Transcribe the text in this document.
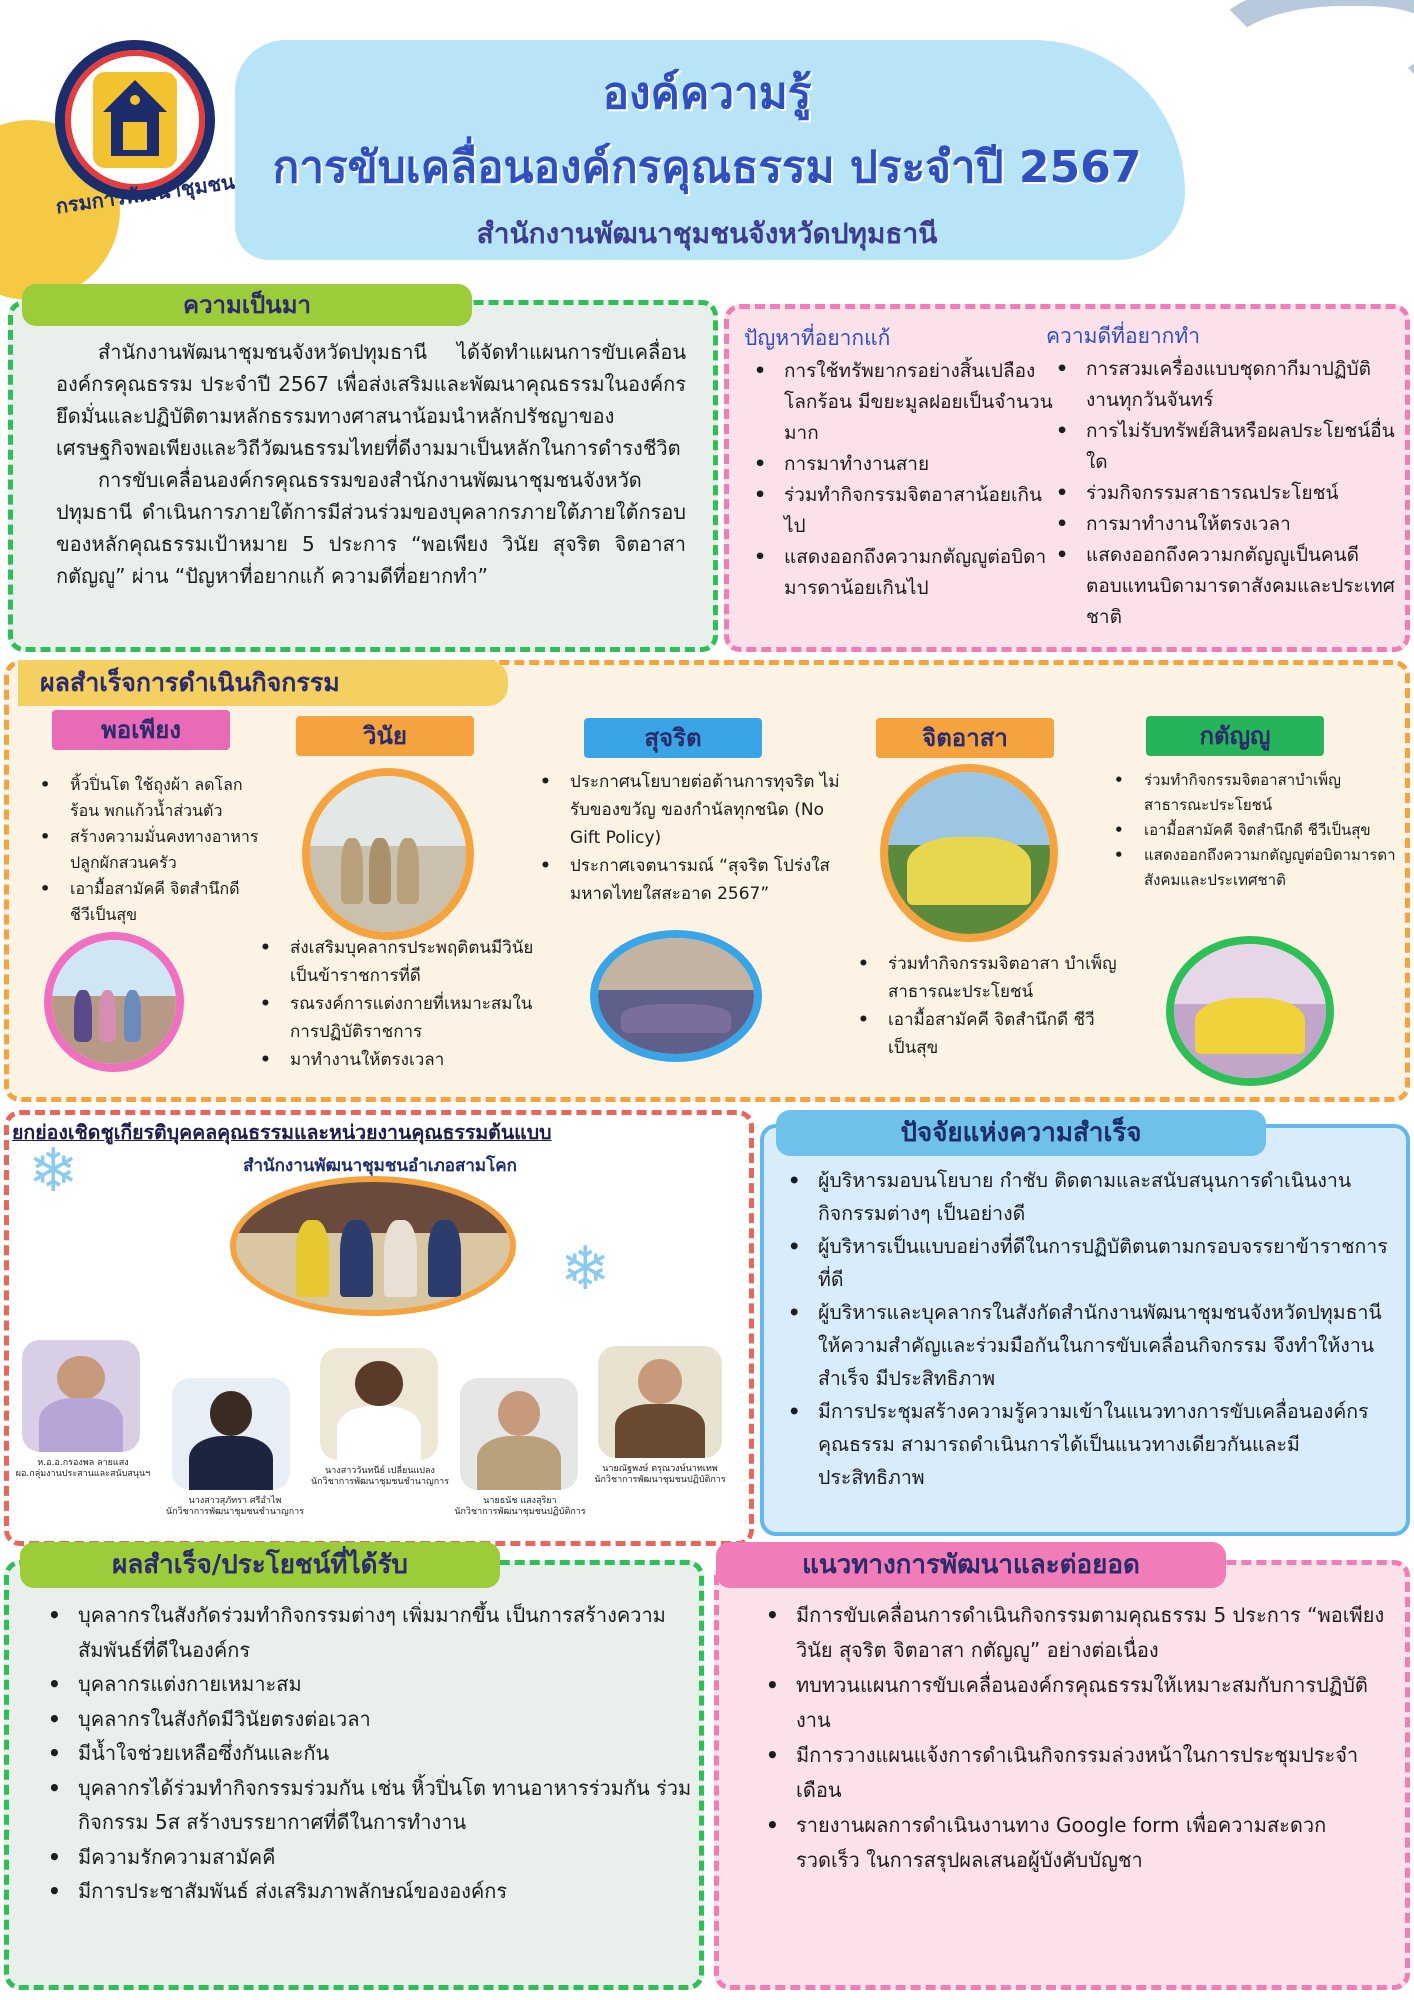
กรมการพัฒนาชุมชน
องค์ความรู้
การขับเคลื่อนองค์กรคุณธรรม ประจำปี 2567
สำนักงานพัฒนาชุมชนจังหวัดปทุมธานี
ความเป็นมา

สำนักงานพัฒนาชุมชนจังหวัดปทุมธานี ได้จัดทำแผนการขับเคลื่อนองค์กรคุณธรรม ประจำปี 2567 เพื่อส่งเสริมและพัฒนาคุณธรรมในองค์กรยึดมั่นและปฏิบัติตามหลักธรรมทางศาสนาน้อมนำหลักปรัชญาของเศรษฐกิจพอเพียงและวิถีวัฒนธรรมไทยที่ดีงามมาเป็นหลักในการดำรงชีวิต

การขับเคลื่อนองค์กรคุณธรรมของสำนักงานพัฒนาชุมชนจังหวัดปทุมธานี ดำเนินการภายใต้การมีส่วนร่วมของบุคลากรภายใต้ภายใต้กรอบของหลักคุณธรรมเป้าหมาย 5 ประการ “พอเพียง วินัย สุจริต จิตอาสา กตัญญู” ผ่าน “ปัญหาที่อยากแก้ ความดีที่อยากทำ”

ปัญหาที่อยากแก้	ความดีที่อยากทำ
• การใช้ทรัพยากรอย่างสิ้นเปลือง โลกร้อน มีขยะมูลฝอยเป็นจำนวนมาก
• การมาทำงานสาย
• ร่วมทำกิจกรรมจิตอาสาน้อยเกินไป
• แสดงออกถึงความกตัญญูต่อบิดามารดาน้อยเกินไป
• การสวมเครื่องแบบชุดกากีมาปฏิบัติงานทุกวันจันทร์
• การไม่รับทรัพย์สินหรือผลประโยชน์อื่นใด
• ร่วมกิจกรรมสาธารณประโยชน์
• การมาทำงานให้ตรงเวลา
• แสดงออกถึงความกตัญญูเป็นคนดีตอบแทนบิดามารดาสังคมและประเทศชาติ
ผลสำเร็จการดำเนินกิจกรรม
พอเพียง
• หิ้วปิ่นโต ใช้ถุงผ้า ลดโลกร้อน พกแก้วน้ำส่วนตัว
• สร้างความมั่นคงทางอาหาร ปลูกผักสวนครัว
• เอามื้อสามัคคี จิตสำนึกดี ชีวีเป็นสุข
วินัย
• ส่งเสริมบุคลากรประพฤติตนมีวินัย เป็นข้าราชการที่ดี
• รณรงค์การแต่งกายที่เหมาะสมในการปฏิบัติราชการ
• มาทำงานให้ตรงเวลา
สุจริต
• ประกาศนโยบายต่อต้านการทุจริต ไม่รับของขวัญ ของกำนัลทุกชนิด (No Gift Policy)
• ประกาศเจตนารมณ์ “สุจริต โปร่งใส มหาดไทยใสสะอาด 2567”
จิตอาสา
• ร่วมทำกิจกรรมจิตอาสา บำเพ็ญสาธารณะประโยชน์
• เอามื้อสามัคคี จิตสำนึกดี ชีวีเป็นสุข
กตัญญู
• ร่วมทำกิจกรรมจิตอาสาบำเพ็ญสาธารณะประโยชน์
• เอามื้อสามัคคี จิตสำนึกดี ชีวีเป็นสุข
• แสดงออกถึงความกตัญญูต่อบิดามารดา สังคมและประเทศชาติ
ยกย่องเชิดชูเกียรติบุคคลคุณธรรมและหน่วยงานคุณธรรมต้นแบบ
สำนักงานพัฒนาชุมชนอำเภอสามโคก
❄
❄
ห.อ.อ.กรองพล ลายแสง
ผอ.กลุ่มงานประสานและสนับสนุนฯ
นางสาวสุภัทรา ศรีอำไพ
นักวิชาการพัฒนาชุมชนชำนาญการ
นางสาววันทนีย์ เปลี่ยนแปลง
นักวิชาการพัฒนาชุมชนชำนาญการ
นายธนัช แสงสุริยา
นักวิชาการพัฒนาชุมชนปฏิบัติการ
นายณัฐพงษ์ ตรุณวงษ์นาทเทพ
นักวิชาการพัฒนาชุมชนปฏิบัติการ
ปัจจัยแห่งความสำเร็จ
• ผู้บริหารมอบนโยบาย กำชับ ติดตามและสนับสนุนการดำเนินงานกิจกรรมต่างๆ เป็นอย่างดี
• ผู้บริหารเป็นแบบอย่างที่ดีในการปฏิบัติตนตามกรอบจรรยาข้าราชการที่ดี
• ผู้บริหารและบุคลากรในสังกัดสำนักงานพัฒนาชุมชนจังหวัดปทุมธานี ให้ความสำคัญและร่วมมือกันในการขับเคลื่อนกิจกรรม จึงทำให้งานสำเร็จ มีประสิทธิภาพ
• มีการประชุมสร้างความรู้ความเข้าในแนวทางการขับเคลื่อนองค์กรคุณธรรม สามารถดำเนินการได้เป็นแนวทางเดียวกันและมีประสิทธิภาพ
ผลสำเร็จ/ประโยชน์ที่ได้รับ
• บุคลากรในสังกัดร่วมทำกิจกรรมต่างๆ เพิ่มมากขึ้น เป็นการสร้างความสัมพันธ์ที่ดีในองค์กร
• บุคลากรแต่งกายเหมาะสม
• บุคลากรในสังกัดมีวินัยตรงต่อเวลา
• มีน้ำใจช่วยเหลือซึ่งกันและกัน
• บุคลากรได้ร่วมทำกิจกรรมร่วมกัน เช่น หิ้วปิ่นโต ทานอาหารร่วมกัน ร่วมกิจกรรม 5ส สร้างบรรยากาศที่ดีในการทำงาน
• มีความรักความสามัคคี
• มีการประชาสัมพันธ์ ส่งเสริมภาพลักษณ์ขององค์กร
แนวทางการพัฒนาและต่อยอด
• มีการขับเคลื่อนการดำเนินกิจกรรมตามคุณธรรม 5 ประการ “พอเพียง วินัย สุจริต จิตอาสา กตัญญู” อย่างต่อเนื่อง
• ทบทวนแผนการขับเคลื่อนองค์กรคุณธรรมให้เหมาะสมกับการปฏิบัติงาน
• มีการวางแผนแจ้งการดำเนินกิจกรรมล่วงหน้าในการประชุมประจำเดือน
• รายงานผลการดำเนินงานทาง Google form เพื่อความสะดวก รวดเร็ว ในการสรุปผลเสนอผู้บังคับบัญชา
